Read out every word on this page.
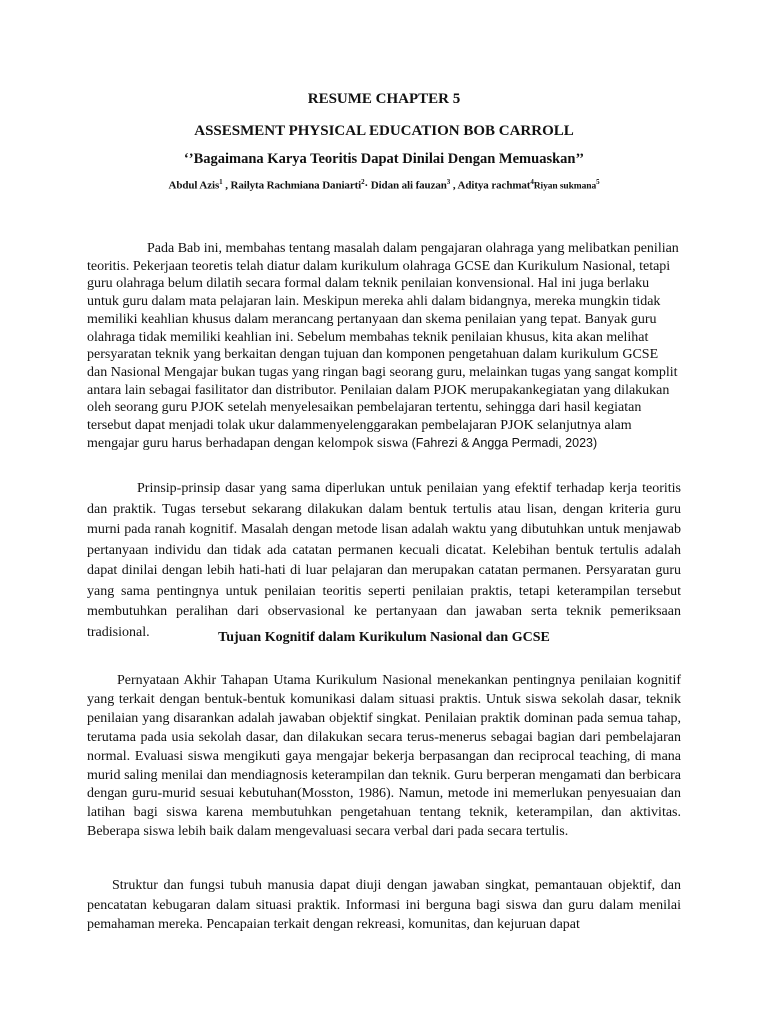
RESUME CHAPTER 5
ASSESMENT PHYSICAL EDUCATION BOB CARROLL
‘’Bagaimana Karya Teoritis Dapat Dinilai Dengan Memuaskan’’
Abdul Azis$^1$ , Railyta Rachmiana Daniarti$^2$· Didan ali fauzan$^3$ , Aditya rachmat$^4$Riyan sukmana$^5$

Pada Bab ini, membahas tentang masalah dalam pengajaran olahraga yang melibatkan penilian teoritis. Pekerjaan teoretis telah diatur dalam kurikulum olahraga GCSE dan Kurikulum Nasional, tetapi guru olahraga belum dilatih secara formal dalam teknik penilaian konvensional. Hal ini juga berlaku untuk guru dalam mata pelajaran lain. Meskipun mereka ahli dalam bidangnya, mereka mungkin tidak memiliki keahlian khusus dalam merancang pertanyaan dan skema penilaian yang tepat. Banyak guru olahraga tidak memiliki keahlian ini. Sebelum membahas teknik penilaian khusus, kita akan melihat persyaratan teknik yang berkaitan dengan tujuan dan komponen pengetahuan dalam kurikulum GCSE dan Nasional Mengajar bukan tugas yang ringan bagi seorang guru, melainkan tugas yang sangat komplit antara lain sebagai fasilitator dan distributor. Penilaian dalam PJOK merupakankegiatan yang dilakukan oleh seorang guru PJOK setelah menyelesaikan pembelajaran tertentu, sehingga dari hasil kegiatan tersebut dapat menjadi tolak ukur dalammenyelenggarakan pembelajaran PJOK selanjutnya alam mengajar guru harus berhadapan dengan kelompok siswa (Fahrezi & Angga Permadi, 2023)

Prinsip-prinsip dasar yang sama diperlukan untuk penilaian yang efektif terhadap kerja teoritis dan praktik. Tugas tersebut sekarang dilakukan dalam bentuk tertulis atau lisan, dengan kriteria guru murni pada ranah kognitif. Masalah dengan metode lisan adalah waktu yang dibutuhkan untuk menjawab pertanyaan individu dan tidak ada catatan permanen kecuali dicatat. Kelebihan bentuk tertulis adalah dapat dinilai dengan lebih hati-hati di luar pelajaran dan merupakan catatan permanen. Persyaratan guru yang sama pentingnya untuk penilaian teoritis seperti penilaian praktis, tetapi keterampilan tersebut membutuhkan peralihan dari observasional ke pertanyaan dan jawaban serta teknik pemeriksaan tradisional.	Tujuan Kognitif dalam Kurikulum Nasional dan GCSE

Pernyataan Akhir Tahapan Utama Kurikulum Nasional menekankan pentingnya penilaian kognitif yang terkait dengan bentuk-bentuk komunikasi dalam situasi praktis. Untuk siswa sekolah dasar, teknik penilaian yang disarankan adalah jawaban objektif singkat. Penilaian praktik dominan pada semua tahap, terutama pada usia sekolah dasar, dan dilakukan secara terus-menerus sebagai bagian dari pembelajaran normal. Evaluasi siswa mengikuti gaya mengajar bekerja berpasangan dan reciprocal teaching, di mana murid saling menilai dan mendiagnosis keterampilan dan teknik. Guru berperan mengamati dan berbicara dengan guru-murid sesuai kebutuhan(Mosston, 1986). Namun, metode ini memerlukan penyesuaian dan latihan bagi siswa karena membutuhkan pengetahuan tentang teknik, keterampilan, dan aktivitas. Beberapa siswa lebih baik dalam mengevaluasi secara verbal dari pada secara tertulis.

Struktur dan fungsi tubuh manusia dapat diuji dengan jawaban singkat, pemantauan objektif, dan pencatatan kebugaran dalam situasi praktik. Informasi ini berguna bagi siswa dan guru dalam menilai pemahaman mereka. Pencapaian terkait dengan rekreasi, komunitas, dan kejuruan dapat
